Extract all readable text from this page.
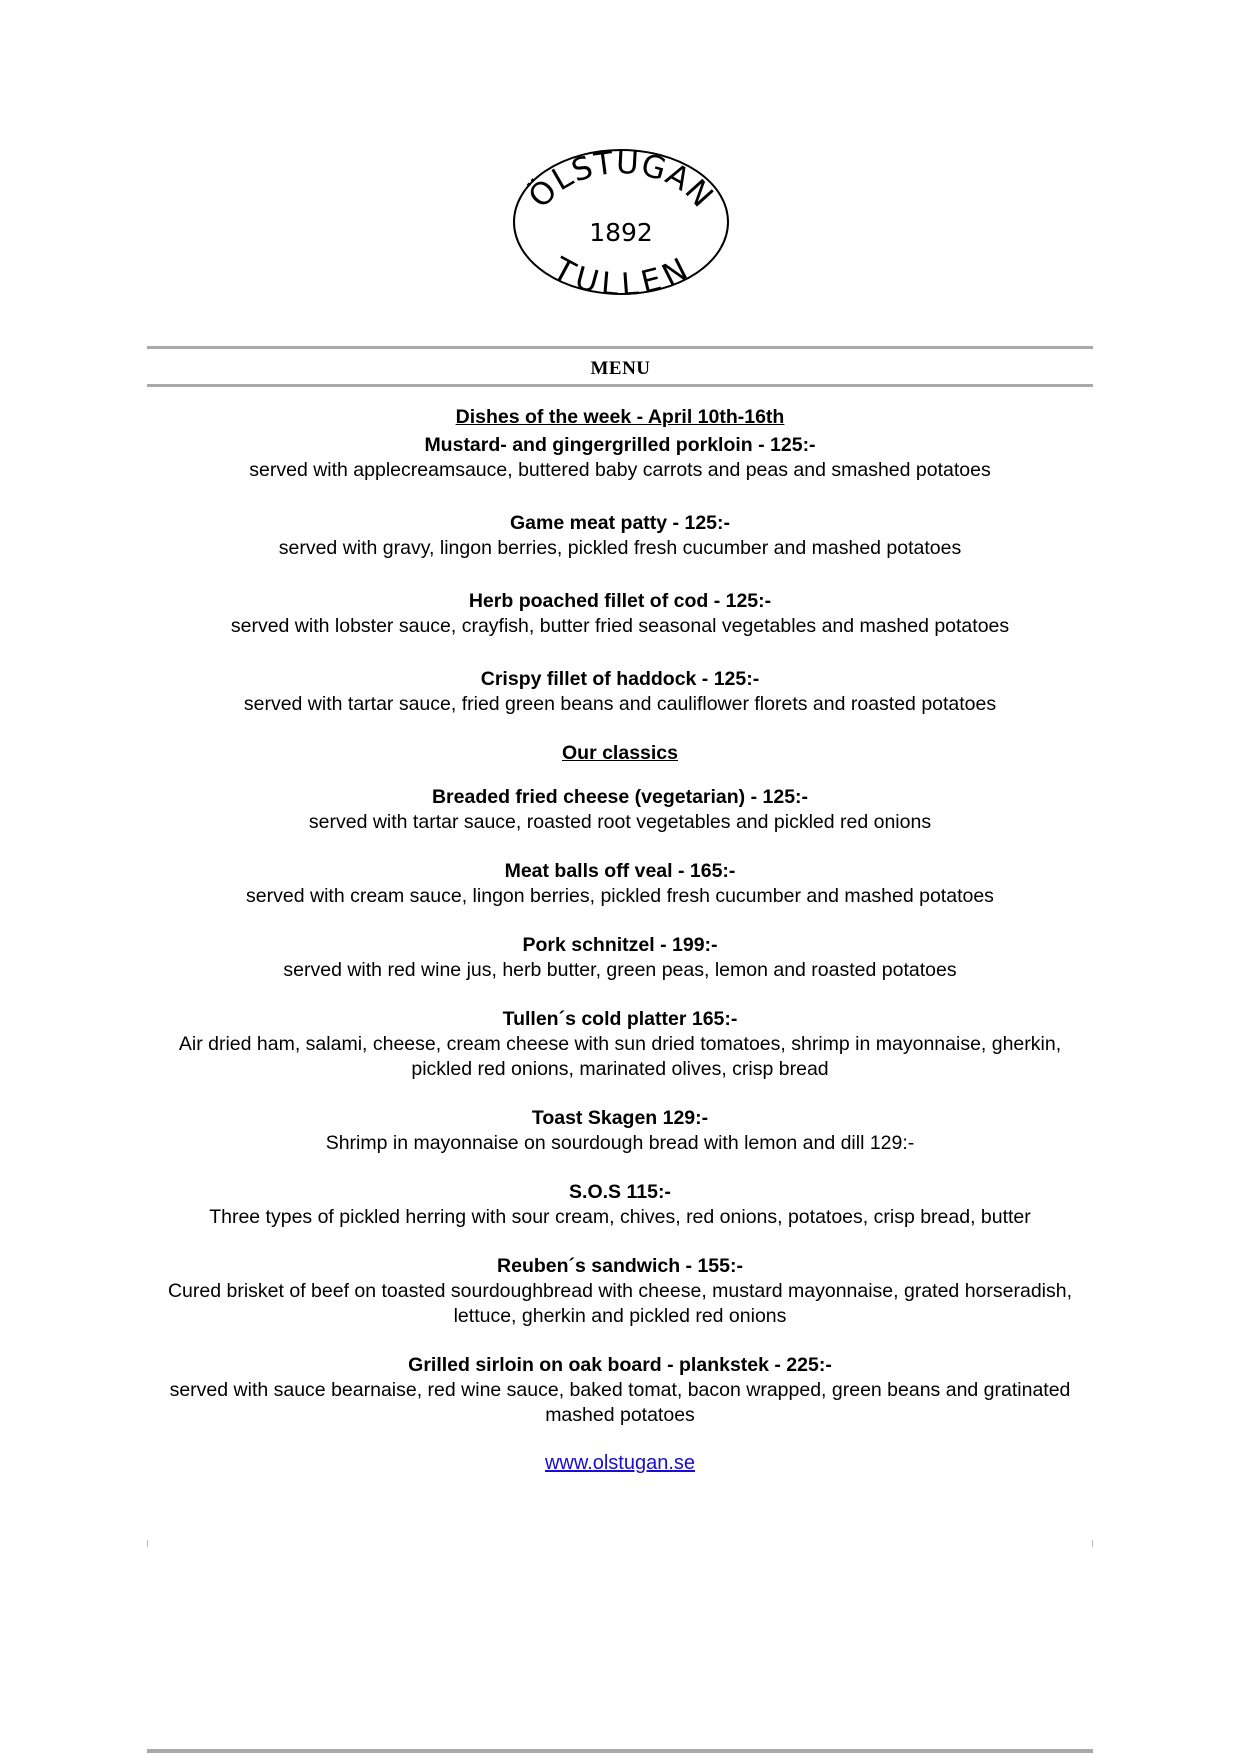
ÖLSTUGAN
1892
TULLEN
MENU
Dishes of the week - April 10th-16th
Mustard- and gingergrilled porkloin - 125:-
served with applecreamsauce, buttered baby carrots and peas and smashed potatoes
Game meat patty - 125:-
served with gravy, lingon berries, pickled fresh cucumber and mashed potatoes
Herb poached fillet of cod - 125:-
served with lobster sauce, crayfish, butter fried seasonal vegetables and mashed potatoes
Crispy fillet of haddock - 125:-
served with tartar sauce, fried green beans and cauliflower florets and roasted potatoes
Our classics
Breaded fried cheese (vegetarian) - 125:-
served with tartar sauce, roasted root vegetables and pickled red onions
Meat balls off veal - 165:-
served with cream sauce, lingon berries, pickled fresh cucumber and mashed potatoes
Pork schnitzel - 199:-
served with red wine jus, herb butter, green peas, lemon and roasted potatoes
Tullen´s cold platter 165:-
Air dried ham, salami, cheese, cream cheese with sun dried tomatoes, shrimp in mayonnaise, gherkin, pickled red onions, marinated olives, crisp bread
Toast Skagen 129:-
Shrimp in mayonnaise on sourdough bread with lemon and dill 129:-
S.O.S 115:-
Three types of pickled herring with sour cream, chives, red onions, potatoes, crisp bread, butter
Reuben´s sandwich - 155:-
Cured brisket of beef on toasted sourdoughbread with cheese, mustard mayonnaise, grated horseradish, lettuce, gherkin and pickled red onions
Grilled sirloin on oak board - plankstek - 225:-
served with sauce bearnaise, red wine sauce, baked tomat, bacon wrapped, green beans and gratinated mashed potatoes
www.olstugan.se
